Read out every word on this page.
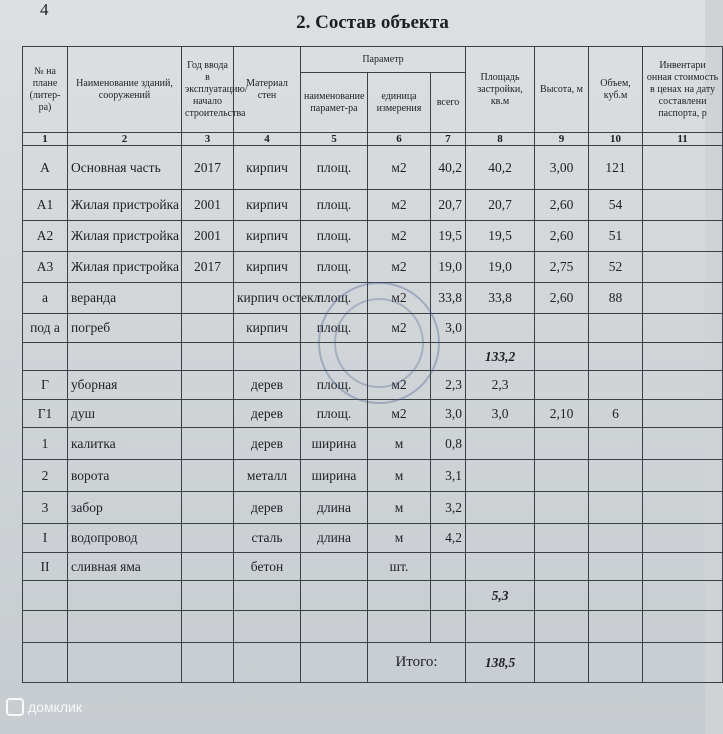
4
2. Состав объекта
№ на плане (литер-ра)	Наименование зданий, сооружений	Год ввода в эксплуатацию/ начало строительства	Материал стен	Параметр			Площадь застройки, кв.м	Высота, м	Объем, куб.м	Инвентари онная стоимость в ценах на дату составлени паспорта, р
				наименование парамет-ра	единица измерения	всего				
1	2	3	4	5	6	7	8	9	10	11
А	Основная часть	2017	кирпич	площ.	м2	40,2	40,2	3,00	121	
А1	Жилая пристройка	2001	кирпич	площ.	м2	20,7	20,7	2,60	54	
А2	Жилая пристройка	2001	кирпич	площ.	м2	19,5	19,5	2,60	51	
А3	Жилая пристройка	2017	кирпич	площ.	м2	19,0	19,0	2,75	52	
а	веранда		кирпич остекл	площ.	м2	33,8	33,8	2,60	88	
под а	погреб		кирпич	площ.	м2	3,0				
							133,2			
Г	уборная		дерев	площ.	м2	2,3	2,3			
Г1	душ		дерев	площ.	м2	3,0	3,0	2,10	6	
1	калитка		дерев	ширина	м	0,8				
2	ворота		металл	ширина	м	3,1				
3	забор		дерев	длина	м	3,2				
I	водопровод		сталь	длина	м	4,2				
II	сливная яма		бетон		шт.					
							5,3			

					Итого:		138,5			
домклик
